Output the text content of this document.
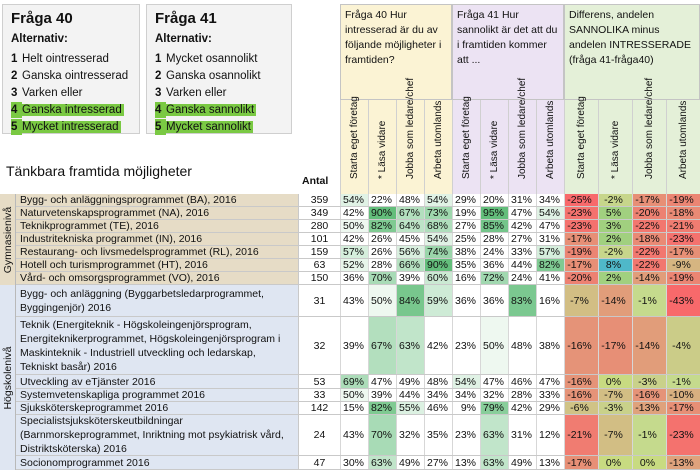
Fråga 40
Alternativ:
1 Helt ointresserad
2 Ganska ointresserad
3 Varken eller
4 Ganska intresserad
5 Mycket intresserad
Fråga 41
Alternativ:
1 Mycket osannolikt
2 Ganska osannolikt
3 Varken eller
4 Ganska sannolikt
5 Mycket sannolikt
Fråga 40 Hur intresserad är du av följande möjligheter i framtiden?
Fråga 41 Hur sannolikt är det att du i framtiden kommer att ...
Differens, andelen SANNOLIKA minus andelen INTRESSERADE (fråga 41-fråga40)
Starta eget företag * Läsa vidare Jobba som ledare/chef Arbeta utomlands Starta eget företag * Läsa vidare Jobba som ledare/chef Arbeta utomlands Starta eget företag * Läsa vidare Jobba som ledare/chef Arbeta utomlands
Tänkbara framtida möjligheter
Antal
Bygg- och anläggningsprogrammet (BA), 2016	359	54% 22% 48% 54% 29% 20% 31% 34% -25%	-2%	-17% -19%
Naturvetenskapsprogrammet (NA), 2016	349	42% 90% 67% 73% 19% 95% 47% 54% -23%	5%	-20% -18%
Teknikprogrammet (TE), 2016	280	50% 82% 64% 68% 27% 85% 42% 47% -23%	3%	-22% -21%
Industritekniska programmet (IN), 2016	101	42% 26% 45% 54% 25% 28% 27% 31% -17%	2%	-18% -23%
Restaurang- och livsmedelsprogrammet (RL), 2016	159	57% 26% 56% 74% 38% 24% 33% 57% -19%	-2%	-22% -17%
Hotell och turismprogrammet (HT), 2016	63	52% 28% 66% 90% 35% 36% 44% 82% -17%	8%	-22%	-9%
Vård- och omsorgsprogrammet (VO), 2016	150	36% 70% 39% 60% 16% 72% 24% 41% -20%	2%	-14% -19%
Gymnasienivå
Bygg- och anläggning (Byggarbetsledarprogrammet, Byggingenjör) 2016
31	43% 50% 84% 59% 36% 36% 83% 16% -7%	-14%	-1%	-43%
Teknik (Energiteknik - Högskoleingenjörsprogram, Energiteknikerprogrammet, Högskoleingenjörsprogram i Maskinteknik - Industriell utveckling och ledarskap, Tekniskt basår) 2016
32	39% 67% 63% 42% 23% 50% 48% 38% -16% -17% -14%	-4%
Utveckling av eTjänster 2016	53	69% 47% 49% 48% 54% 47% 46% 47% -16%	0%	-3%	-1%
Systemvetenskapliga programmet 2016	33	50% 39% 44% 34% 34% 32% 28% 33% -16%	-7%	-16% -10%
Sjuksköterskeprogrammet 2016	142	15% 82% 55% 46%	9% 79% 42% 29% -6%	-3%	-13% -17%
Specialistsjuksköterskeutbildningar (Barnmorskeprogrammet, Inriktning mot psykiatrisk vård, Distriktsköterska) 2016
24	43% 70% 32% 35% 23% 63% 31% 12% -21%	-7%	-1%	-23%
Socionomprogrammet 2016	47	30% 63% 49% 27% 13% 63% 49% 13% -17%	0%	0%	-13%
Högskolenivå
